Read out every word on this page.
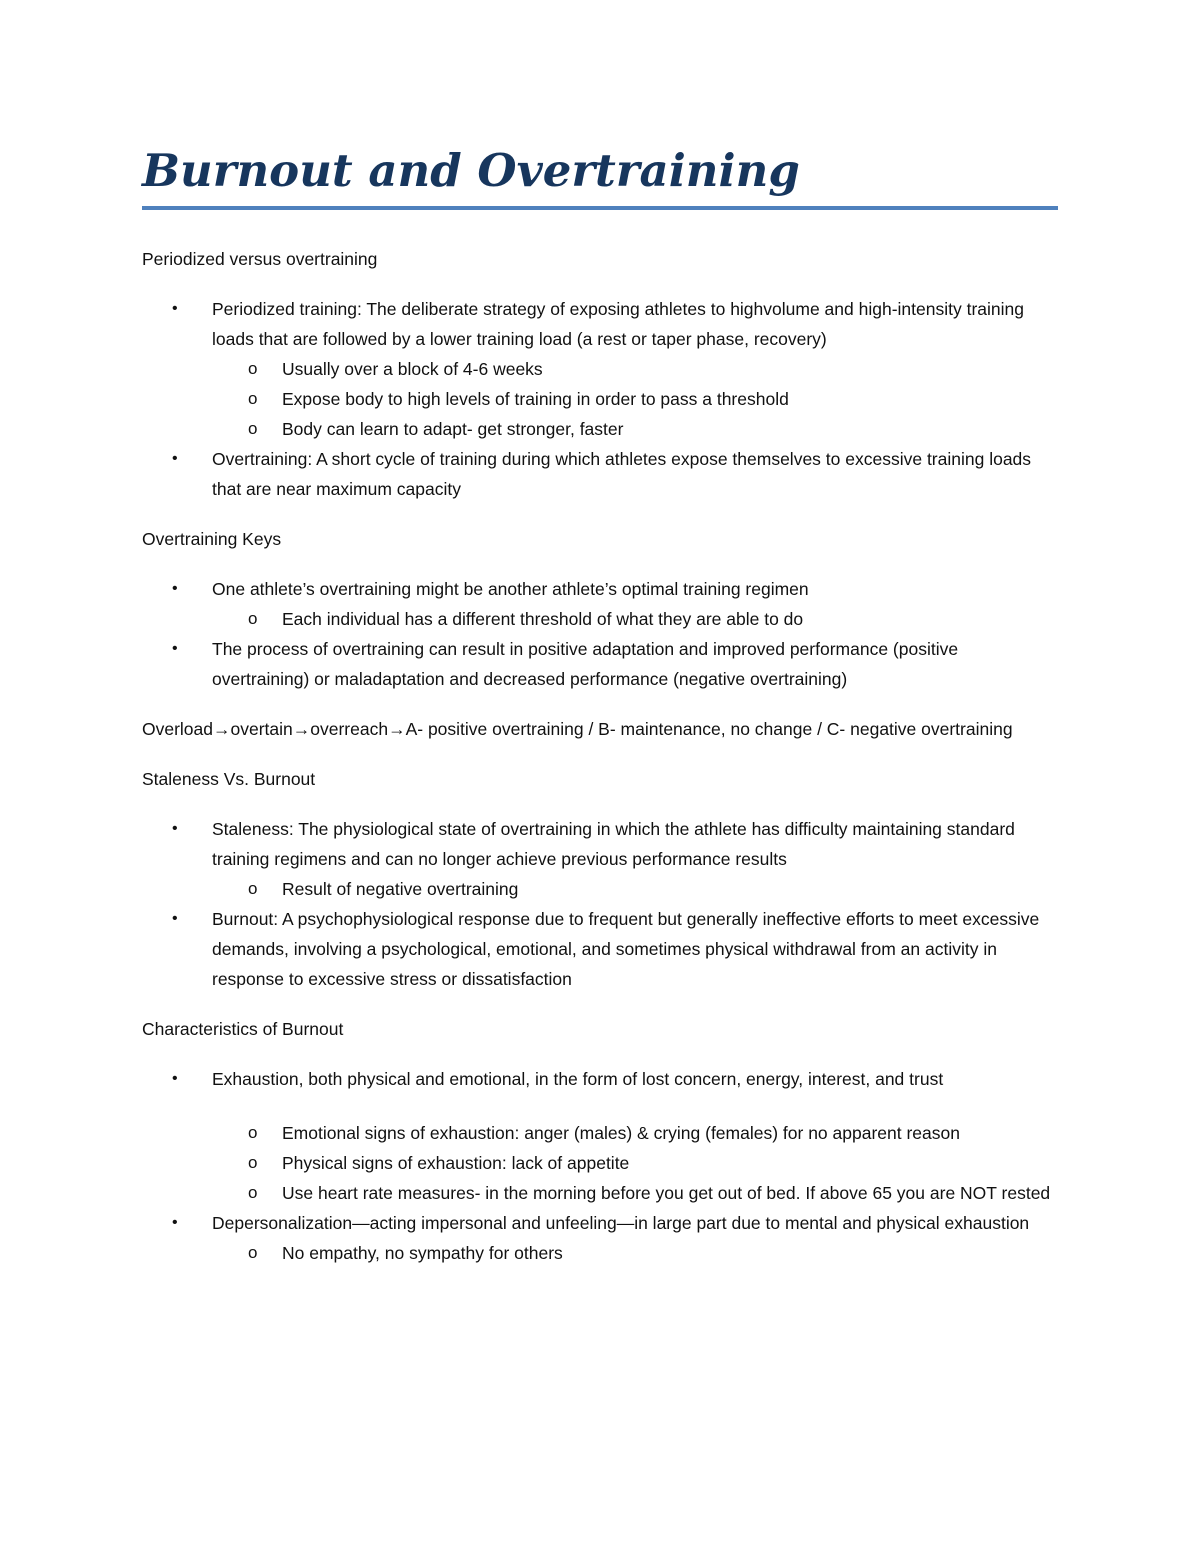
Burnout and Overtraining
Periodized versus overtraining
• Periodized training: The deliberate strategy of exposing athletes to highvolume and high-intensity training loads that are followed by a lower training load (a rest or taper phase, recovery)
o Usually over a block of 4-6 weeks
o Expose body to high levels of training in order to pass a threshold
o Body can learn to adapt- get stronger, faster
• Overtraining: A short cycle of training during which athletes expose themselves to excessive training loads that are near maximum capacity
Overtraining Keys
• One athlete’s overtraining might be another athlete’s optimal training regimen
o Each individual has a different threshold of what they are able to do
• The process of overtraining can result in positive adaptation and improved performance (positive overtraining) or maladaptation and decreased performance (negative overtraining)
Overload→overtain→overreach→A- positive overtraining / B- maintenance, no change / C- negative overtraining
Staleness Vs. Burnout
• Staleness: The physiological state of overtraining in which the athlete has difficulty maintaining standard training regimens and can no longer achieve previous performance results
o Result of negative overtraining
• Burnout: A psychophysiological response due to frequent but generally ineffective efforts to meet excessive demands, involving a psychological, emotional, and sometimes physical withdrawal from an activity in response to excessive stress or dissatisfaction
Characteristics of Burnout
• Exhaustion, both physical and emotional, in the form of lost concern, energy, interest, and trust
o Emotional signs of exhaustion: anger (males) & crying (females) for no apparent reason
o Physical signs of exhaustion: lack of appetite
o Use heart rate measures- in the morning before you get out of bed. If above 65 you are NOT rested
• Depersonalization—acting impersonal and unfeeling—in large part due to mental and physical exhaustion
o No empathy, no sympathy for others
